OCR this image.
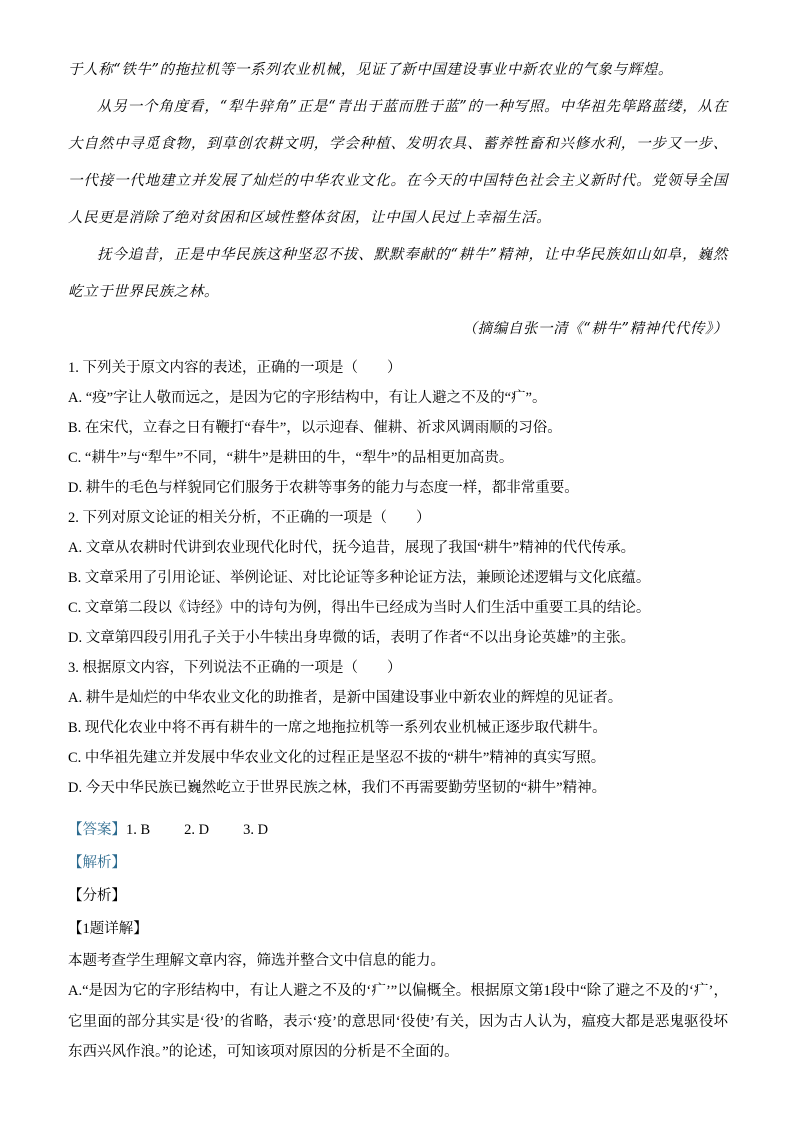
于人称“铁牛”的拖拉机等一系列农业机械，见证了新中国建设事业中新农业的气象与辉煌。

从另一个角度看，“犁牛骍角”正是“青出于蓝而胜于蓝”的一种写照。中华祖先筚路蓝缕，从在大自然中寻觅食物，到草创农耕文明，学会种植、发明农具、蓄养牲畜和兴修水利，一步又一步、一代接一代地建立并发展了灿烂的中华农业文化。在今天的中国特色社会主义新时代。党领导全国人民更是消除了绝对贫困和区域性整体贫困，让中国人民过上幸福生活。

抚今追昔，正是中华民族这种坚忍不拔、默默奉献的“耕牛”精神，让中华民族如山如阜，巍然屹立于世界民族之林。

（摘编自张一清《“耕牛”精神代代传》）

1. 下列关于原文内容的表述，正确的一项是（　　）
A. “疫”字让人敬而远之，是因为它的字形结构中，有让人避之不及的“疒”。
B. 在宋代，立春之日有鞭打“春牛”，以示迎春、催耕、祈求风调雨顺的习俗。
C. “耕牛”与“犁牛”不同，“耕牛”是耕田的牛，“犁牛”的品相更加高贵。
D. 耕牛的毛色与样貌同它们服务于农耕等事务的能力与态度一样，都非常重要。
2. 下列对原文论证的相关分析，不正确的一项是（　　）
A. 文章从农耕时代讲到农业现代化时代，抚今追昔，展现了我国“耕牛”精神的代代传承。
B. 文章采用了引用论证、举例论证、对比论证等多种论证方法，兼顾论述逻辑与文化底蕴。
C. 文章第二段以《诗经》中的诗句为例，得出牛已经成为当时人们生活中重要工具的结论。
D. 文章第四段引用孔子关于小牛犊出身卑微的话，表明了作者“不以出身论英雄”的主张。
3. 根据原文内容，下列说法不正确的一项是（　　）
A. 耕牛是灿烂的中华农业文化的助推者，是新中国建设事业中新农业的辉煌的见证者。
B. 现代化农业中将不再有耕牛的一席之地拖拉机等一系列农业机械正逐步取代耕牛。
C. 中华祖先建立并发展中华农业文化的过程正是坚忍不拔的“耕牛”精神的真实写照。
D. 今天中华民族已巍然屹立于世界民族之林，我们不再需要勤劳坚韧的“耕牛”精神。
【答案】1. B 2. D 3. D
【解析】
【分析】
【1题详解】
本题考查学生理解文章内容，筛选并整合文中信息的能力。
A.“是因为它的字形结构中，有让人避之不及的‘疒’”以偏概全。根据原文第1段中“除了避之不及的‘疒’，它里面的部分其实是‘役’的省略，表示‘疫’的意思同‘役使’有关，因为古人认为，瘟疫大都是恶鬼驱役坏东西兴风作浪。”的论述，可知该项对原因的分析是不全面的。
